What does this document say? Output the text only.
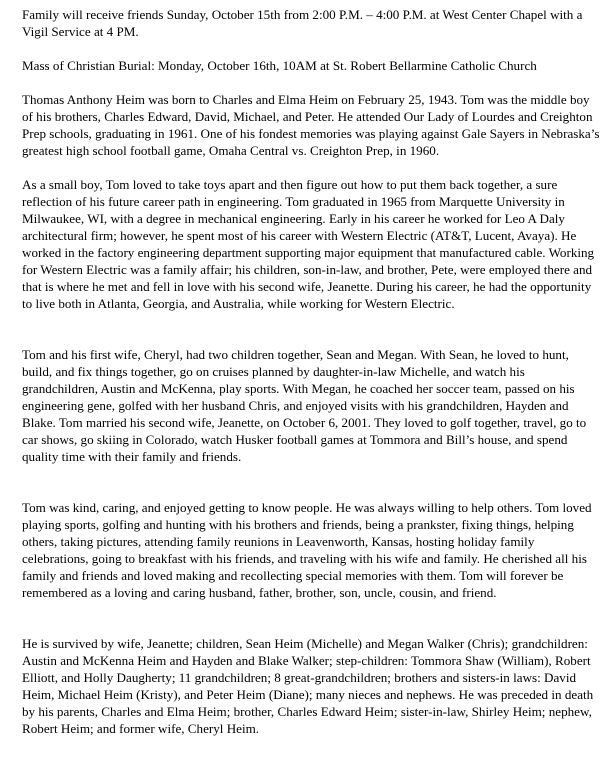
Family will receive friends Sunday, October 15th from 2:00 P.M. – 4:00 P.M. at West Center Chapel with a Vigil Service at 4 PM.

Mass of Christian Burial: Monday, October 16th, 10AM at St. Robert Bellarmine Catholic Church

Thomas Anthony Heim was born to Charles and Elma Heim on February 25, 1943. Tom was the middle boy of his brothers, Charles Edward, David, Michael, and Peter. He attended Our Lady of Lourdes and Creighton Prep schools, graduating in 1961. One of his fondest memories was playing against Gale Sayers in Nebraska’s greatest high school football game, Omaha Central vs. Creighton Prep, in 1960.

As a small boy, Tom loved to take toys apart and then figure out how to put them back together, a sure reflection of his future career path in engineering. Tom graduated in 1965 from Marquette University in Milwaukee, WI, with a degree in mechanical engineering. Early in his career he worked for Leo A Daly architectural firm; however, he spent most of his career with Western Electric (AT&T, Lucent, Avaya). He worked in the factory engineering department supporting major equipment that manufactured cable. Working for Western Electric was a family affair; his children, son-in-law, and brother, Pete, were employed there and that is where he met and fell in love with his second wife, Jeanette. During his career, he had the opportunity to live both in Atlanta, Georgia, and Australia, while working for Western Electric.

Tom and his first wife, Cheryl, had two children together, Sean and Megan. With Sean, he loved to hunt, build, and fix things together, go on cruises planned by daughter-in-law Michelle, and watch his grandchildren, Austin and McKenna, play sports. With Megan, he coached her soccer team, passed on his engineering gene, golfed with her husband Chris, and enjoyed visits with his grandchildren, Hayden and Blake. Tom married his second wife, Jeanette, on October 6, 2001. They loved to golf together, travel, go to car shows, go skiing in Colorado, watch Husker football games at Tommora and Bill’s house, and spend quality time with their family and friends.

Tom was kind, caring, and enjoyed getting to know people. He was always willing to help others. Tom loved playing sports, golfing and hunting with his brothers and friends, being a prankster, fixing things, helping others, taking pictures, attending family reunions in Leavenworth, Kansas, hosting holiday family celebrations, going to breakfast with his friends, and traveling with his wife and family. He cherished all his family and friends and loved making and recollecting special memories with them. Tom will forever be remembered as a loving and caring husband, father, brother, son, uncle, cousin, and friend.

He is survived by wife, Jeanette; children, Sean Heim (Michelle) and Megan Walker (Chris); grandchildren: Austin and McKenna Heim and Hayden and Blake Walker; step-children: Tommora Shaw (William), Robert Elliott, and Holly Daugherty; 11 grandchildren; 8 great-grandchildren; brothers and sisters-in laws: David Heim, Michael Heim (Kristy), and Peter Heim (Diane); many nieces and nephews. He was preceded in death by his parents, Charles and Elma Heim; brother, Charles Edward Heim; sister-in-law, Shirley Heim; nephew, Robert Heim; and former wife, Cheryl Heim.
